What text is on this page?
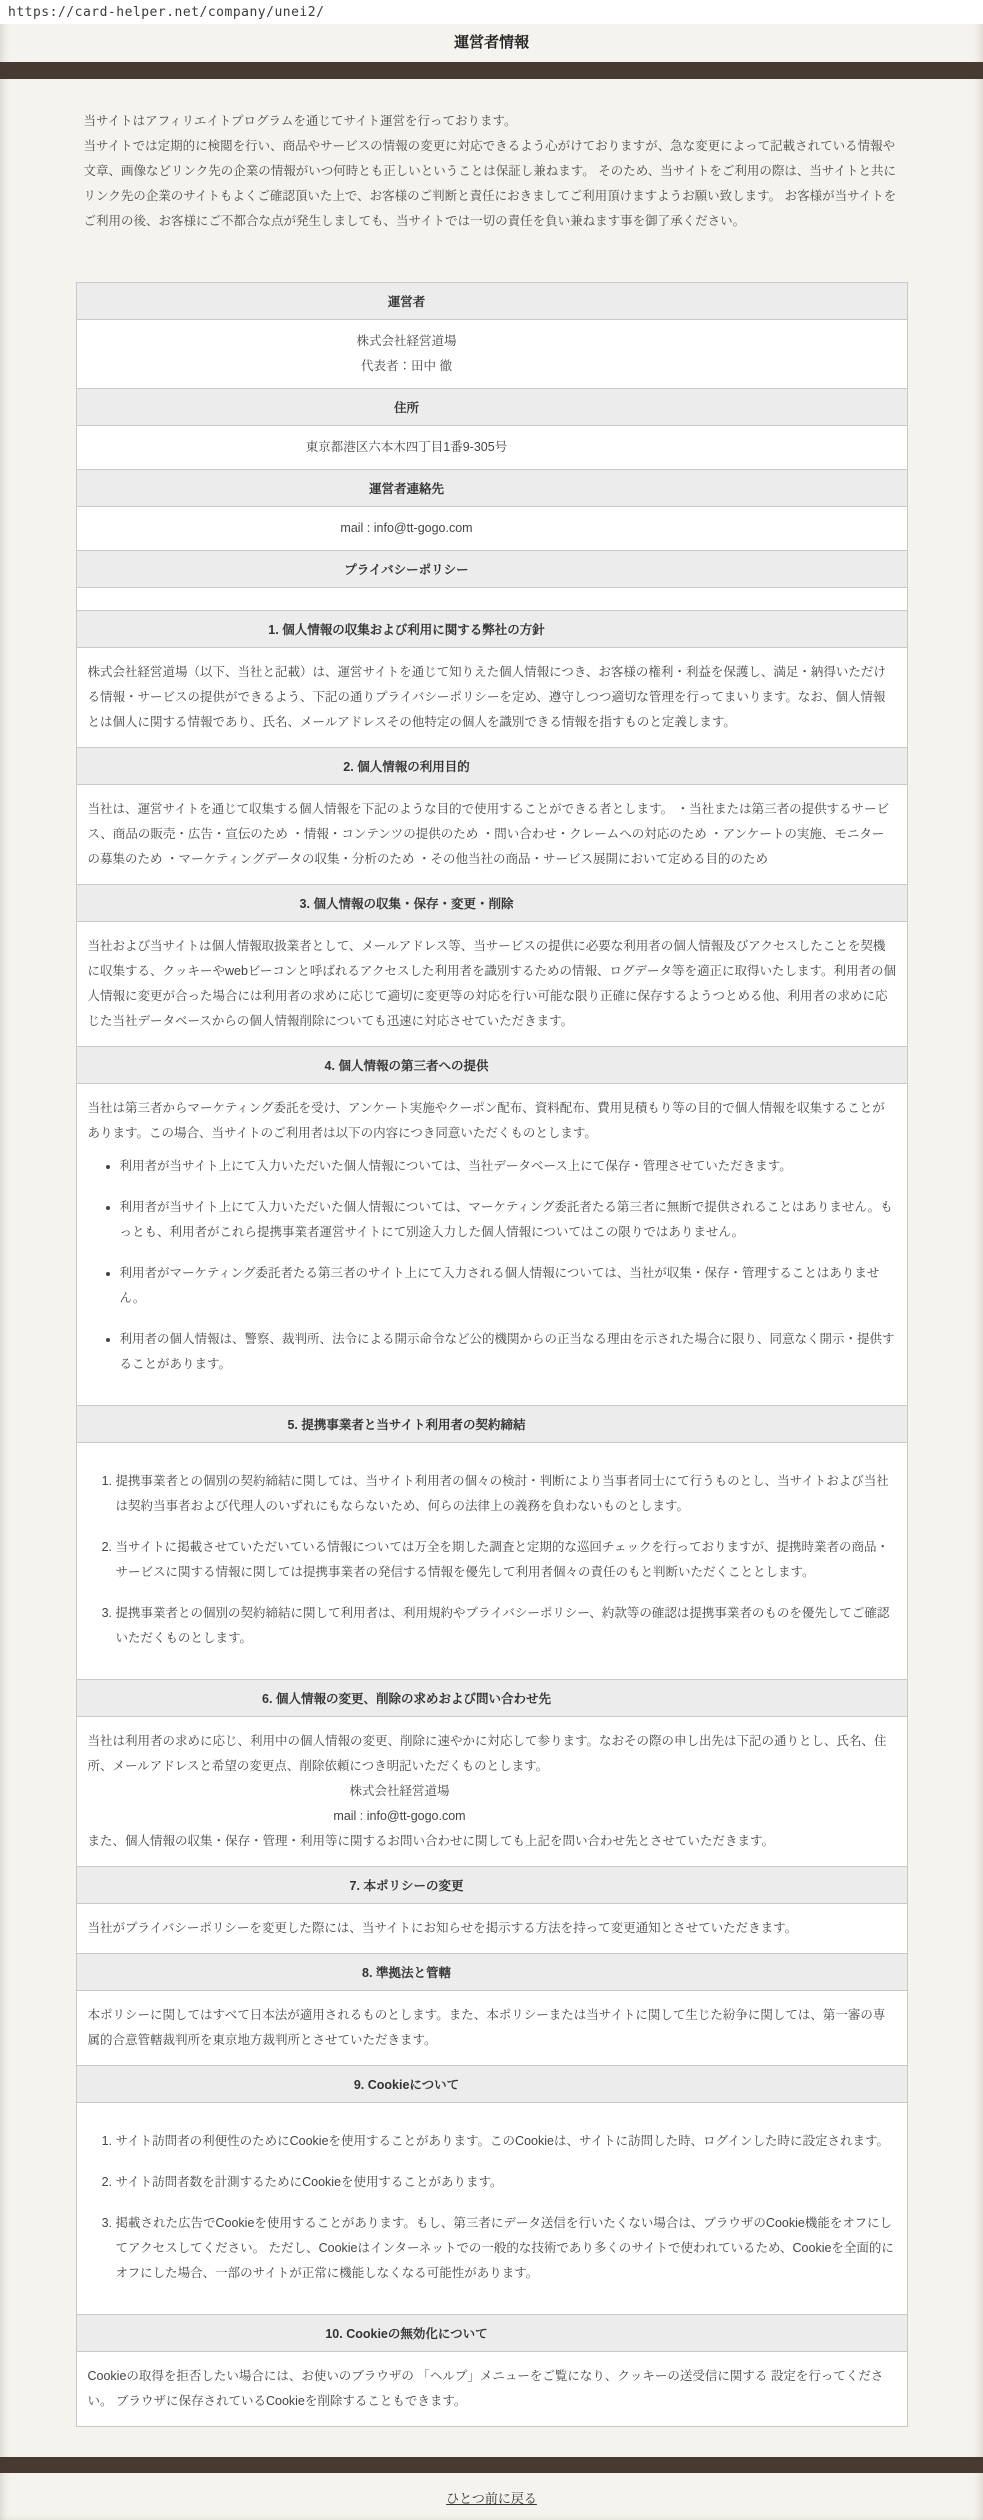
https://card-helper.net/company/unei2/
運営者情報

当サイトはアフィリエイトプログラムを通じてサイト運営を行っております。

当サイトでは定期的に検閲を行い、商品やサービスの情報の変更に対応できるよう心がけておりますが、急な変更によって記載されている情報や文章、画像などリンク先の企業の情報がいつ何時とも正しいということは保証し兼ねます。 そのため、当サイトをご利用の際は、当サイトと共にリンク先の企業のサイトもよくご確認頂いた上で、お客様のご判断と責任におきましてご利用頂けますようお願い致します。 お客様が当サイトをご利用の後、お客様にご不都合な点が発生しましても、当サイトでは一切の責任を負い兼ねます事を御了承ください。

運営者
株式会社経営道場
代表者：田中 徹
住所
東京都港区六本木四丁目1番9-305号
運営者連絡先
mail : info@tt-gogo.com
プライバシーポリシー

1. 個人情報の収集および利用に関する弊社の方針

株式会社経営道場（以下、当社と記載）は、運営サイトを通じて知りえた個人情報につき、お客様の権利・利益を保護し、満足・納得いただける情報・サービスの提供ができるよう、下記の通りプライバシーポリシーを定め、遵守しつつ適切な管理を行ってまいります。なお、個人情報とは個人に関する情報であり、氏名、メールアドレスその他特定の個人を識別できる情報を指すものと定義します。

2. 個人情報の利用目的

当社は、運営サイトを通じて収集する個人情報を下記のような目的で使用することができる者とします。 ・当社または第三者の提供するサービス、商品の販売・広告・宣伝のため ・情報・コンテンツの提供のため ・問い合わせ・クレームへの対応のため ・アンケートの実施、モニターの募集のため ・マーケティングデータの収集・分析のため ・その他当社の商品・サービス展開において定める目的のため

3. 個人情報の収集・保存・変更・削除

当社および当サイトは個人情報取扱業者として、メールアドレス等、当サービスの提供に必要な利用者の個人情報及びアクセスしたことを契機に収集する、クッキーやwebビーコンと呼ばれるアクセスした利用者を識別するための情報、ログデータ等を適正に取得いたします。利用者の個人情報に変更が合った場合には利用者の求めに応じて適切に変更等の対応を行い可能な限り正確に保存するようつとめる他、利用者の求めに応じた当社データベースからの個人情報削除についても迅速に対応させていただきます。

4. 個人情報の第三者への提供

当社は第三者からマーケティング委託を受け、アンケート実施やクーポン配布、資料配布、費用見積もり等の目的で個人情報を収集することがあります。この場合、当サイトのご利用者は以下の内容につき同意いただくものとします。

• 利用者が当サイト上にて入力いただいた個人情報については、当社データベース上にて保存・管理させていただきます。
• 利用者が当サイト上にて入力いただいた個人情報については、マーケティング委託者たる第三者に無断で提供されることはありません。もっとも、利用者がこれら提携事業者運営サイトにて別途入力した個人情報についてはこの限りではありません。
• 利用者がマーケティング委託者たる第三者のサイト上にて入力される個人情報については、当社が収集・保存・管理することはありません。
• 利用者の個人情報は、警察、裁判所、法令による開示命令など公的機関からの正当なる理由を示された場合に限り、同意なく開示・提供することがあります。

5. 提携事業者と当サイト利用者の契約締結

1. 提携事業者との個別の契約締結に関しては、当サイト利用者の個々の検討・判断により当事者同士にて行うものとし、当サイトおよび当社は契約当事者および代理人のいずれにもならないため、何らの法律上の義務を負わないものとします。
2. 当サイトに掲載させていただいている情報については万全を期した調査と定期的な巡回チェックを行っておりますが、提携時業者の商品・サービスに関する情報に関しては提携事業者の発信する情報を優先して利用者個々の責任のもと判断いただくこととします。
3. 提携事業者との個別の契約締結に関して利用者は、利用規約やプライバシーポリシー、約款等の確認は提携事業者のものを優先してご確認いただくものとします。

6. 個人情報の変更、削除の求めおよび問い合わせ先

当社は利用者の求めに応じ、利用中の個人情報の変更、削除に速やかに対応して参ります。なおその際の申し出先は下記の通りとし、氏名、住所、メールアドレスと希望の変更点、削除依頼につき明記いただくものとします。

株式会社経営道場
mail : info@tt-gogo.com

また、個人情報の収集・保存・管理・利用等に関するお問い合わせに関しても上記を問い合わせ先とさせていただきます。

7. 本ポリシーの変更

当社がプライバシーポリシーを変更した際には、当サイトにお知らせを掲示する方法を持って変更通知とさせていただきます。

8. 準拠法と管轄

本ポリシーに関してはすべて日本法が適用されるものとします。また、本ポリシーまたは当サイトに関して生じた紛争に関しては、第一審の専属的合意管轄裁判所を東京地方裁判所とさせていただきます。

9. Cookieについて

1. サイト訪問者の利便性のためにCookieを使用することがあります。このCookieは、サイトに訪問した時、ログインした時に設定されます。
2. サイト訪問者数を計測するためにCookieを使用することがあります。
3. 掲載された広告でCookieを使用することがあります。もし、第三者にデータ送信を行いたくない場合は、ブラウザのCookie機能をオフにしてアクセスしてください。 ただし、Cookieはインターネットでの一般的な技術であり多くのサイトで使われているため、Cookieを全面的にオフにした場合、一部のサイトが正常に機能しなくなる可能性があります。

10. Cookieの無効化について

Cookieの取得を拒否したい場合には、お使いのブラウザの 「ヘルプ」メニューをご覧になり、クッキーの送受信に関する 設定を行ってください。 ブラウザに保存されているCookieを削除することもできます。

ひとつ前に戻る
